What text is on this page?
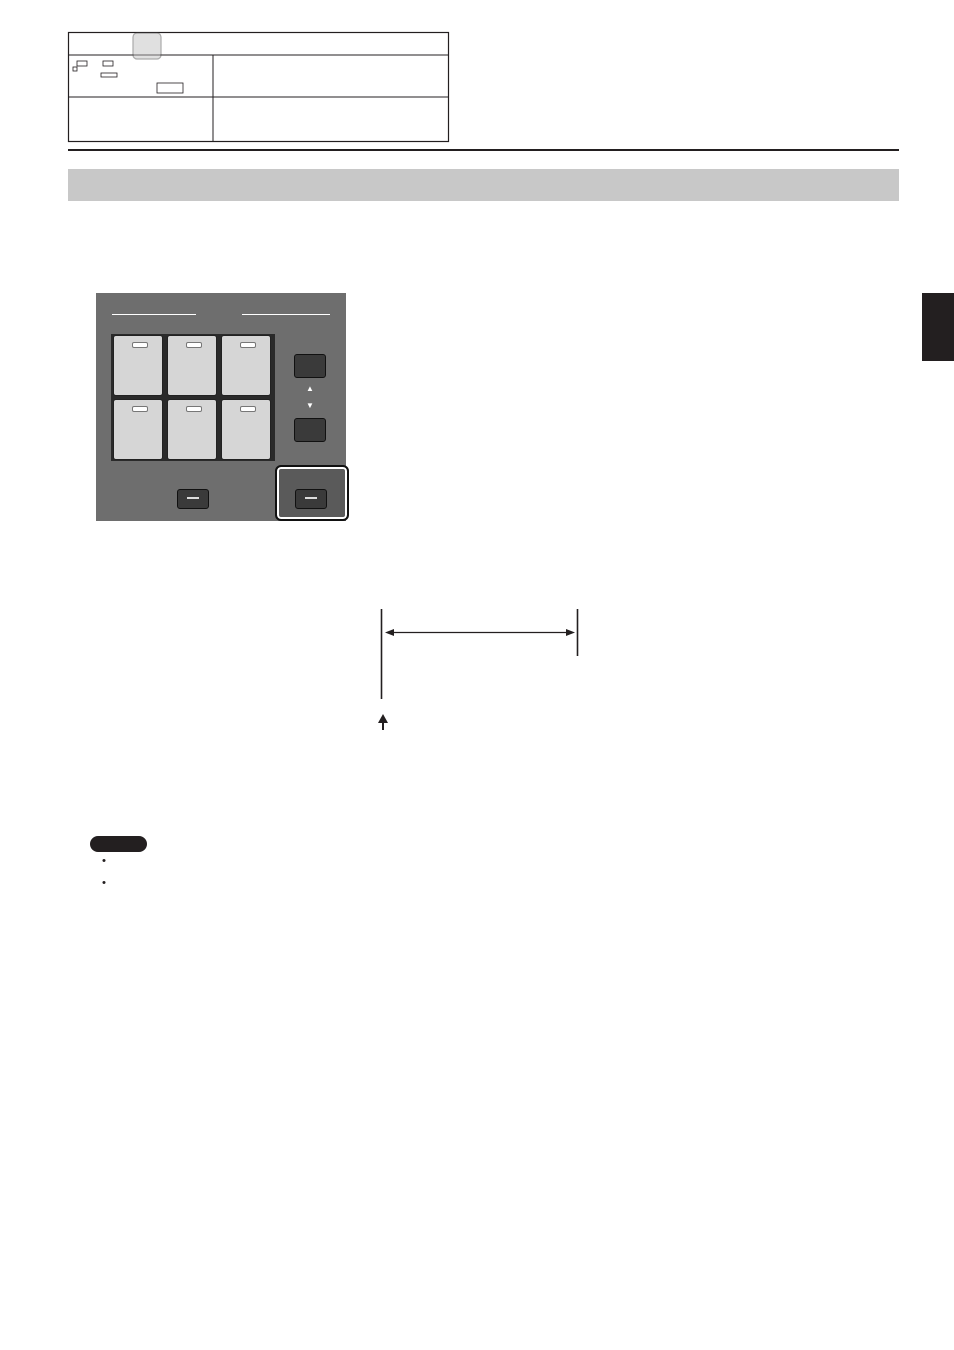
▲
▼
•
•
